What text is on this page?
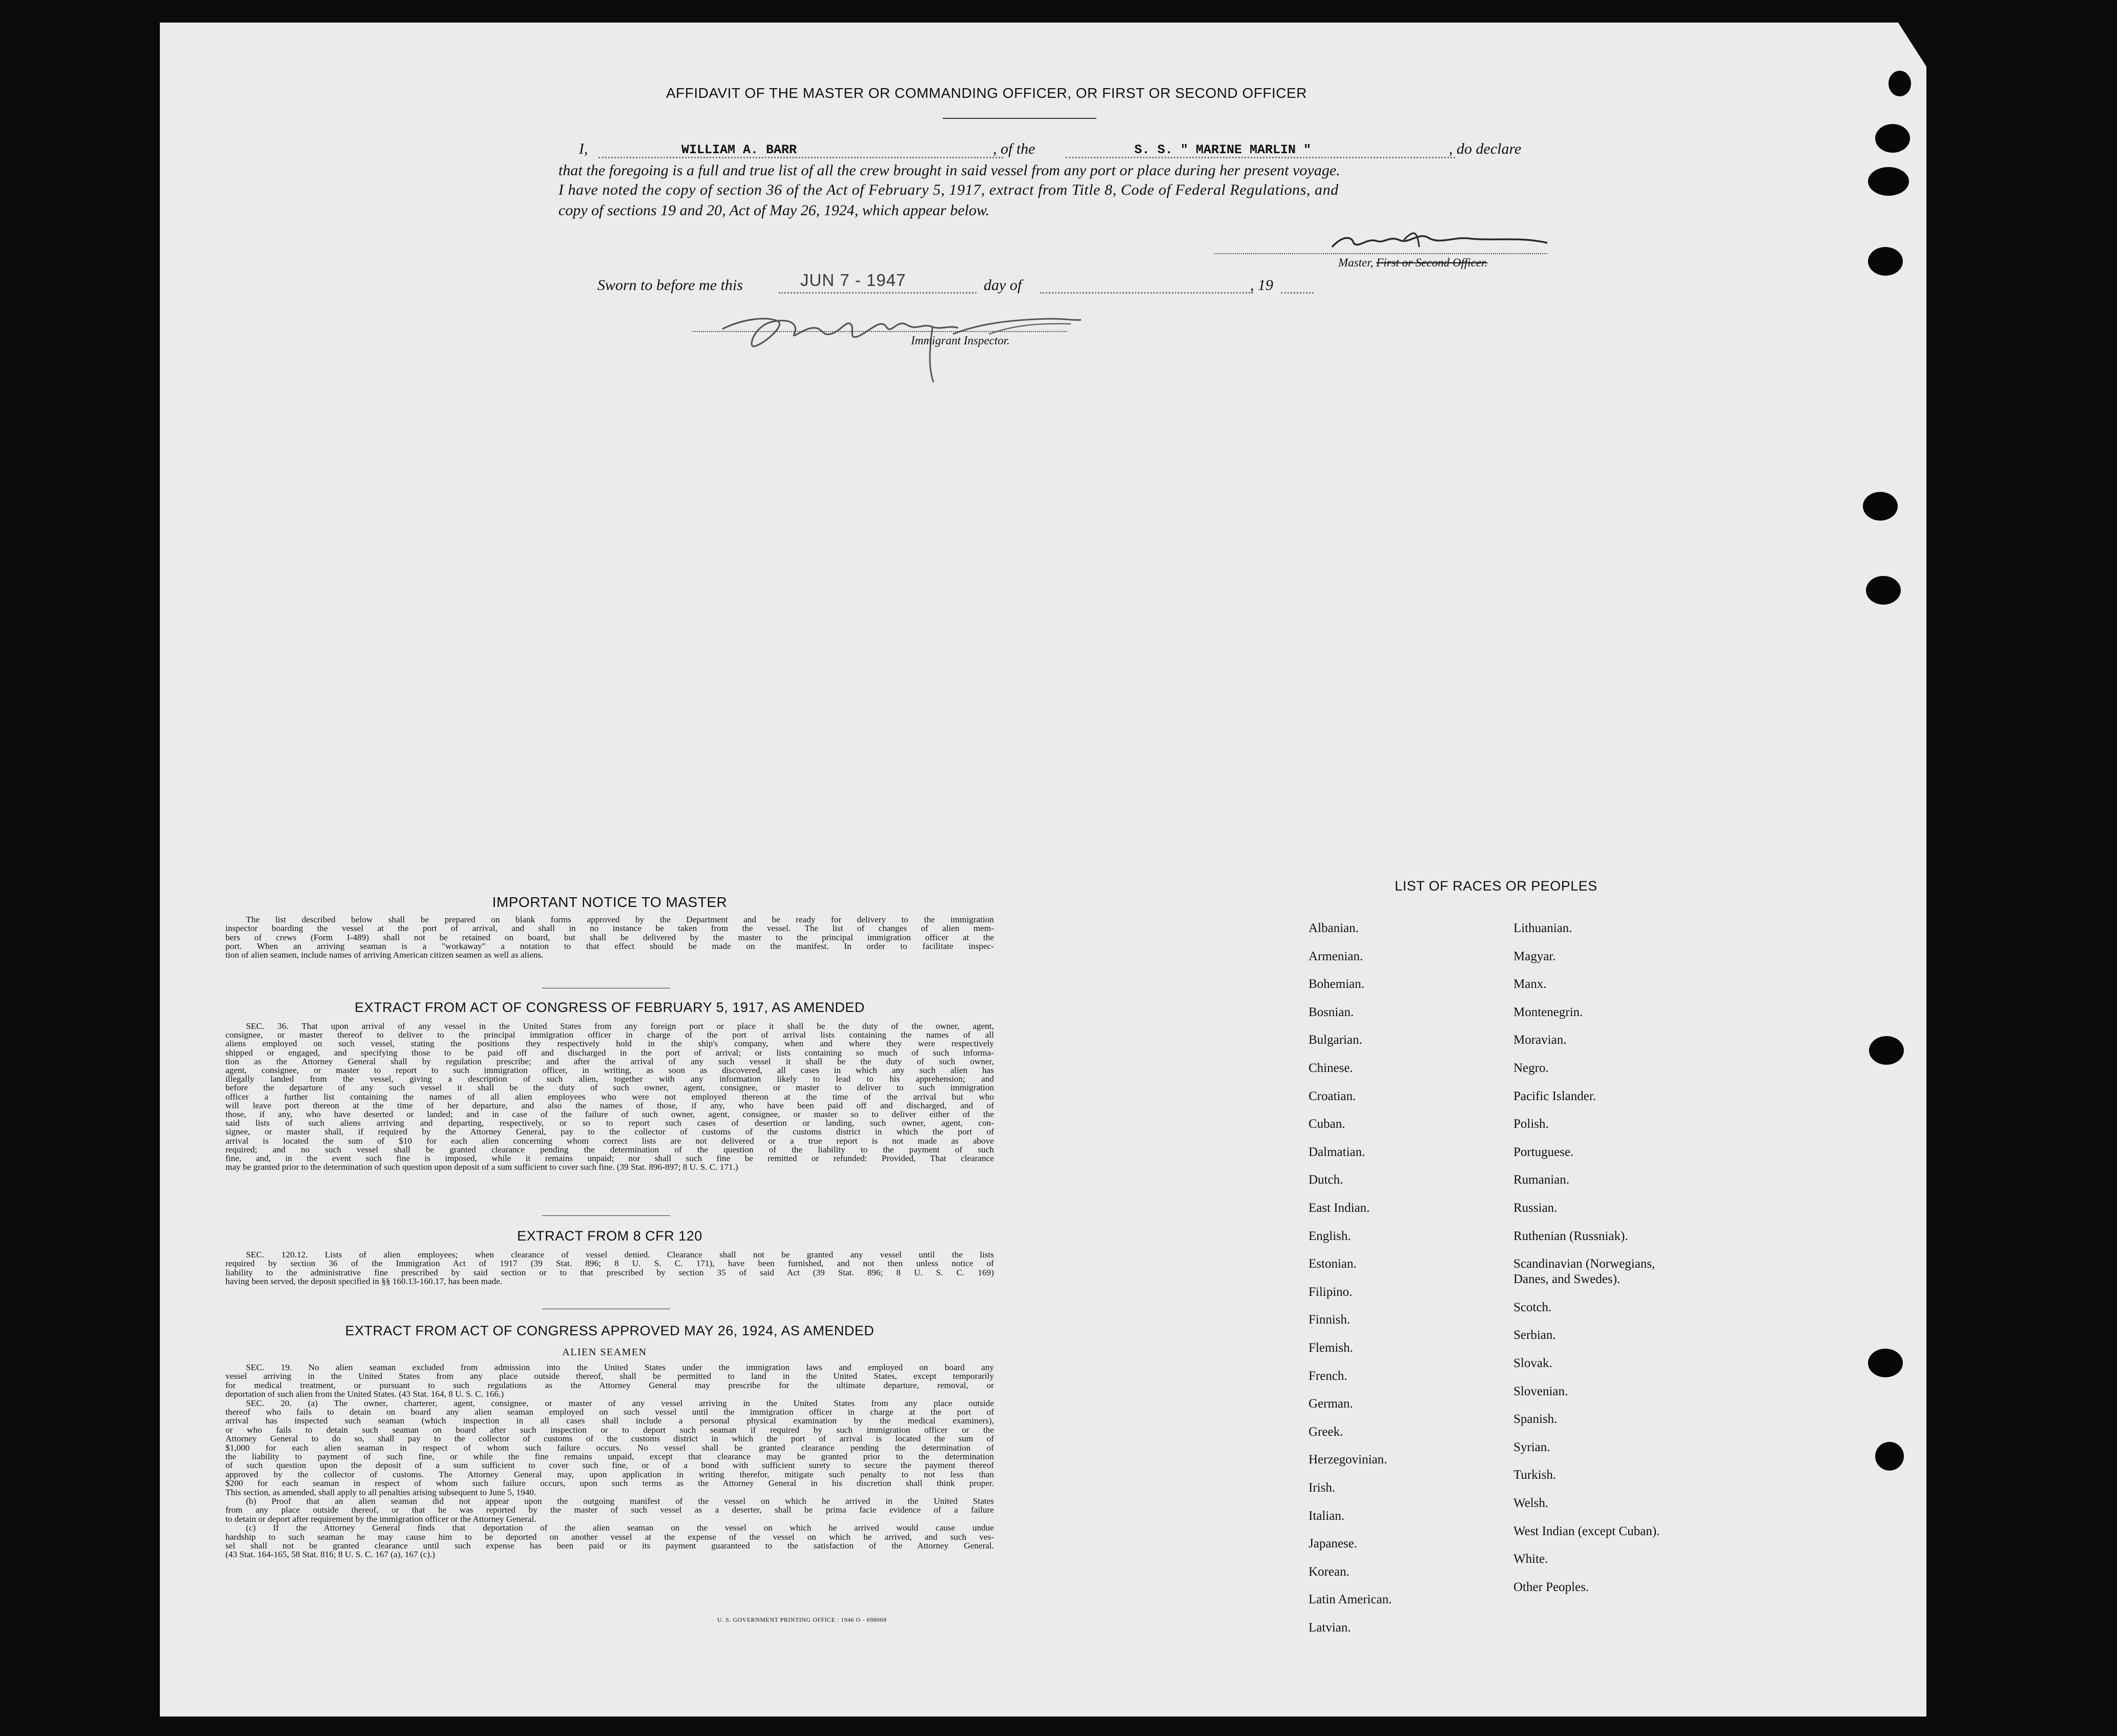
AFFIDAVIT OF THE MASTER OR COMMANDING OFFICER, OR FIRST OR SECOND OFFICER
I,	WILLIAM A. BARR	, of the	S. S. " MARINE MARLIN "	, do declare
that the foregoing is a full and true list of all the crew brought in said vessel from any port or place during her present voyage.
I have noted the copy of section 36 of the Act of February 5, 1917, extract from Title 8, Code of Federal Regulations, and
copy of sections 19 and 20, Act of May 26, 1924, which appear below.
Master, First or Second Officer.
Sworn to before me this	JUN 7 - 1947	day of	, 19
Immigrant Inspector.
IMPORTANT NOTICE TO MASTER
The list described below shall be prepared on blank forms approved by the Department and be ready for delivery to the immigration
inspector boarding the vessel at the port of arrival, and shall in no instance be taken from the vessel. The list of changes of alien mem-
bers of crews (Form I-489) shall not be retained on board, but shall be delivered by the master to the principal immigration officer at the
port. When an arriving seaman is a "workaway" a notation to that effect should be made on the manifest. In order to facilitate inspec-
tion of alien seamen, include names of arriving American citizen seamen as well as aliens.
EXTRACT FROM ACT OF CONGRESS OF FEBRUARY 5, 1917, AS AMENDED
SEC. 36. That upon arrival of any vessel in the United States from any foreign port or place it shall be the duty of the owner, agent,
consignee, or master thereof to deliver to the principal immigration officer in charge of the port of arrival lists containing the names of all
aliens employed on such vessel, stating the positions they respectively hold in the ship's company, when and where they were respectively
shipped or engaged, and specifying those to be paid off and discharged in the port of arrival; or lists containing so much of such informa-
tion as the Attorney General shall by regulation prescribe; and after the arrival of any such vessel it shall be the duty of such owner,
agent, consignee, or master to report to such immigration officer, in writing, as soon as discovered, all cases in which any such alien has
illegally landed from the vessel, giving a description of such alien, together with any information likely to lead to his apprehension; and
before the departure of any such vessel it shall be the duty of such owner, agent, consignee, or master to deliver to such immigration
officer a further list containing the names of all alien employees who were not employed thereon at the time of the arrival but who
will leave port thereon at the time of her departure, and also the names of those, if any, who have been paid off and discharged, and of
those, if any, who have deserted or landed; and in case of the failure of such owner, agent, consignee, or master so to deliver either of the
said lists of such aliens arriving and departing, respectively, or so to report such cases of desertion or landing, such owner, agent, con-
signee, or master shall, if required by the Attorney General, pay to the collector of customs of the customs district in which the port of
arrival is located the sum of $10 for each alien concerning whom correct lists are not delivered or a true report is not made as above
required; and no such vessel shall be granted clearance pending the determination of the question of the liability to the payment of such
fine, and, in the event such fine is imposed, while it remains unpaid; nor shall such fine be remitted or refunded: Provided, That clearance
may be granted prior to the determination of such question upon deposit of a sum sufficient to cover such fine. (39 Stat. 896-897; 8 U. S. C. 171.)
EXTRACT FROM 8 CFR 120
SEC. 120.12. Lists of alien employees; when clearance of vessel denied. Clearance shall not be granted any vessel until the lists
required by section 36 of the Immigration Act of 1917 (39 Stat. 896; 8 U. S. C. 171), have been furnished, and not then unless notice of
liability to the administrative fine prescribed by said section or to that prescribed by section 35 of said Act (39 Stat. 896; 8 U. S. C. 169)
having been served, the deposit specified in §§ 160.13-160.17, has been made.
EXTRACT FROM ACT OF CONGRESS APPROVED MAY 26, 1924, AS AMENDED
ALIEN SEAMEN
SEC. 19. No alien seaman excluded from admission into the United States under the immigration laws and employed on board any
vessel arriving in the United States from any place outside thereof, shall be permitted to land in the United States, except temporarily
for medical treatment, or pursuant to such regulations as the Attorney General may prescribe for the ultimate departure, removal, or
deportation of such alien from the United States. (43 Stat. 164, 8 U. S. C. 166.)
SEC. 20. (a) The owner, charterer, agent, consignee, or master of any vessel arriving in the United States from any place outside
thereof who fails to detain on board any alien seaman employed on such vessel until the immigration officer in charge at the port of
arrival has inspected such seaman (which inspection in all cases shall include a personal physical examination by the medical examiners),
or who fails to detain such seaman on board after such inspection or to deport such seaman if required by such immigration officer or the
Attorney General to do so, shall pay to the collector of customs of the customs district in which the port of arrival is located the sum of
$1,000 for each alien seaman in respect of whom such failure occurs. No vessel shall be granted clearance pending the determination of
the liability to payment of such fine, or while the fine remains unpaid, except that clearance may be granted prior to the determination
of such question upon the deposit of a sum sufficient to cover such fine, or of a bond with sufficient surety to secure the payment thereof
approved by the collector of customs. The Attorney General may, upon application in writing therefor, mitigate such penalty to not less than
$200 for each seaman in respect of whom such failure occurs, upon such terms as the Attorney General in his discretion shall think proper.
This section, as amended, shall apply to all penalties arising subsequent to June 5, 1940.
(b) Proof that an alien seaman did not appear upon the outgoing manifest of the vessel on which he arrived in the United States
from any place outside thereof, or that he was reported by the master of such vessel as a deserter, shall be prima facie evidence of a failure
to detain or deport after requirement by the immigration officer or the Attorney General.
(c) If the Attorney General finds that deportation of the alien seaman on the vessel on which he arrived would cause undue
hardship to such seaman he may cause him to be deported on another vessel at the expense of the vessel on which he arrived, and such ves-
sel shall not be granted clearance until such expense has been paid or its payment guaranteed to the satisfaction of the Attorney General.
(43 Stat. 164-165, 58 Stat. 816; 8 U. S. C. 167 (a), 167 (c).)
U. S. GOVERNMENT PRINTING OFFICE : 1946 O - 698069
LIST OF RACES OR PEOPLES
Albanian.
Armenian.
Bohemian.
Bosnian.
Bulgarian.
Chinese.
Croatian.
Cuban.
Dalmatian.
Dutch.
East Indian.
English.
Estonian.
Filipino.
Finnish.
Flemish.
French.
German.
Greek.
Herzegovinian.
Irish.
Italian.
Japanese.
Korean.
Latin American.
Latvian.
Lithuanian.
Magyar.
Manx.
Montenegrin.
Moravian.
Negro.
Pacific Islander.
Polish.
Portuguese.
Rumanian.
Russian.
Ruthenian (Russniak).
Scandinavian (Norwegians,
Danes, and Swedes).
Scotch.
Serbian.
Slovak.
Slovenian.
Spanish.
Syrian.
Turkish.
Welsh.
West Indian (except Cuban).
White.
Other Peoples.
